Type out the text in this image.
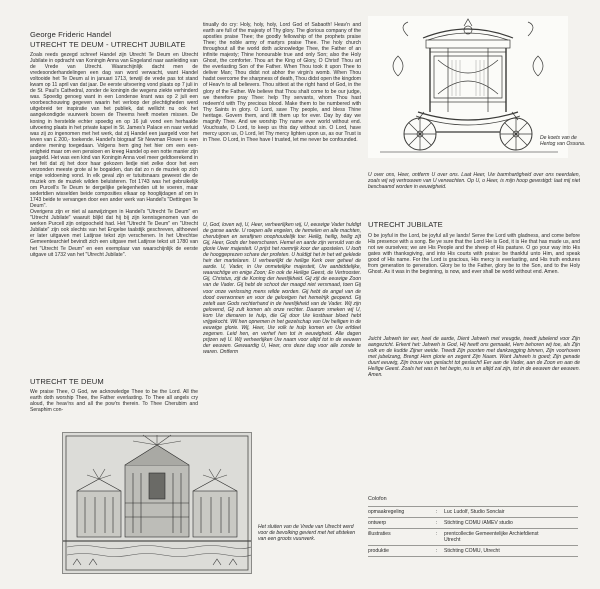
George Frideric Handel
UTRECHT TE DEUM - UTRECHT JUBILATE

Zoals reeds gezegd schreef Handel zijn Utrecht Te Deum en Utrecht Jubilate in opdracht van Koningin Anna van Engeland naar aanleiding van de Vrede van Utrecht. Waarschijnlijk dacht men de vredesonderhandelingen een dag van word verwacht, want Handel voltooide het Te Deum al in januari 1713, terwijl de vrede pas tot stand kwam op 11 april van dat jaar. De eerste uitvoering vond plaats op 7 juli in de St. Paul's Cathedral, zonder de koningin die wegens ziekte verhinderd was. Spoedig genoeg want in een Londense krant was op 2 juli een voorbeschouwing gegeven waarin het verloop der plechtigheden werd uitgebreid ter inspiratie van het publiek, dat wellicht nu ook het aangekondigde vuurwerk boven de Theems heeft moeten missen. De koning in herstelde echter spoedig en op 16 juli vond een herhaalde uitvoering plaats in het private kapel in St. James's Palace en naar verluid was zij zo ingenomen met het werk, dat zij Handel een jaargeld voor het leven van £ 200,- toekende. Handel's biograaf Sir Newman Flower is een andere mening toegedaan. Volgens hem ging het hier om een een-enigheid maar om een pensioen en kreeg Handel op een notte manier zijn jaargeld. Het was een kind van Koningin Anna voel meer geldtoerekend in het feit dat zij het door haar gekozen liedje niet zelke door het een verzonden meeste grote al te bogaiden, dan dat zo n de muziek op zich enige voldoening vond. In elk geval zijn er tutuitsnaars geweest die de muziek om de muziek wilden beluisteren. Tot 1743 was het gebruikelijk om Purcell's Te Deum te dergelijke gelegenheden uit te voeren, maar sedertdien wisselden beide composities elkaar op hooglijdagen af om in 1743 beide te vervangen door een ander werk van Handel's "Dettingen Te Deum".

Overigens zijn er niet al aanwijzingen in Handel's "Utrecht Te Deum" en "Utrecht Jubilate" waaruit blijkt dat hij bij zijn kennisgenomen van de werken Purcell zijn ontgoocheld had. Het "Utrecht Te Deum" en "Utrecht Jubilate" zijn ook slechts van het Engelse taalstijk geschreven, althoewel er later uitgaven met Latijnse tekst zijn verschenen. In het Utrechtse Gemeentearchief bevindt zich een uitgave met Latijnse tekst uit 1780 van het "Utrecht Te Deum" en een exemplaar van waarschijnlijk de eerste uitgave uit 1732 van het "Utrecht Jubilate".

UTRECHT TE DEUM

We praise Thee, O God, we acknowledge Thee to be the Lord. All the earth doth worship Thee, the Father everlasting. To Thee all angels cry aloud, the heav'ns and all the pow'rs therein. To Thee Cherubim and Seraphim con-

tinually do cry: Holy, holy, holy, Lord God of Sabaoth! Heav'n and earth are full of the majesty of Thy glory. The glorious company of the apostles praise Thee; the goodly fellowship of the prophets praise Thee; the noble army of martyrs praise Thee. The holy church throughout all the world doth acknowledge Thee, the Father of an infinite majesty; Thine honourable true and only Son; also the Holy Ghost, the comforter. Thou art the King of Glory, O Christ! Thou art the everlasting Son of the Father. When Thou took it upon Thee to deliver Man; Thou didst not abhor the virgin's womb. When Thou hadst overcome the sharpness of death, Thou didst open the kingdom of Heav'n to all believers. Thou sittest at the right hand of God, in the glory of the Father. We believe that Thou shalt come to be our judge, we therefore pray Thee: help Thy servants, whom Thou hast redeem'd with Thy precious blood. Make them to be numbered with Thy Saints in glory. O Lord, save Thy people, and bless Thine heritage. Govern them, and lift them up for ever. Day by day we magnify Thee. And we worship Thy name ever world without end. Vouchsafe, O Lord, to keep us this day without sin. O Lord, have mercy upon us, O Lord, let Thy mercy lighten upon us, as our Trust is in Thee. O Lord, in Thee have I trusted, let me never be confounded.

U, God, loven wij, U, Heer, verheerlijken wij, U, eeuwige Vader huldigt de ganse aarde. U roepen alle engelen, de hemelen en alle machten, cherubijnen en serafijnen onophoudelijk toe: Heilig, heilig, heilig zijt Gij, Heer, Gods der heerscharen. Hemel en aarde zijn vervuld van de glorie Uwer majesteit. U prijst het roemrijk koor der apostelen. U looft de hooggeprezen schare der profeten. U huldigt het in het wit geklede heir der martelaren. U verheerlijkt de heilige Kerk over geheel de aarde. U, Vader, in Uw onmetelijke majesteit, Uw aanbiddelijke, waarachtige en enige Zoon; En ook de Heilige Geest, de Vertrooster. Gij, Christus, zijt de Koning der heerlijkheid. Gij zijt de eeuwige Zoon van de Vader. Gij hebt de schoot der maagd niet versmaad, toen Gij voor onze verlossing mens wilde worden. Gij hebt de angel van de dood overwonnen en voor de gelovigen het hemelrijk geopend. Gij zetelt aan Gods rechterhand in de heerlijkheid van de Vader. Wij zijn gelovend, Gij zult komen als onze rechter. Daarom smeken wij U, kom Uw dienaren te hulp, die Gij door Uw kostbaar bloed hebt vrijgekocht. Wil hen opnemen in het gezelschap van Uw heiligen in de eeuwige glorie. Wij, Heer, Uw volk te hulp komen en Uw erfdeel zegenen. Leid hen, en verhef hen tot in eeuwigheid. Alle dagen prijzen wij U. Wij verheerlijken Uw naam voor altijd tot in de eeuwen der eeuwen. Gewaardig U, Heer, ons deze dag voor alle zonde te waren. Ontferm

De koets van de Hertog van Ossuna.

U over ons, Heer, ontferm U over ons. Laat Heer, Uw barmhartigheid over ons neerdalen, zoals wij wij vertrouwen van U verwachten. Op U, o Heer, is mijn hoop gevestigd: laat mij niet beschaamd worden in eeuwigheid.

UTRECHT JUBILATE

O be joyful in the Lord, be joyful all ye lands! Serve the Lord with gladness, and come before His presence with a song. Be ye sure that the Lord He is God, it is He that has made us, and not we ourselves; we are His People and the sheep of His pasture. O go your way into His gates with thanksgiving, and into His courts with praise: be thankful unto Him, and speak good of His name. For the Lord is gracious, His mercy is everlasting, and His truth endures from generation to generation. Glory be to the Father, glory be to the Son, and to the Holy Ghost. As it was in the beginning, is now, and ever shall be world without end. Amen.

Juicht Jahweh ter eer, heel de aarde, Dient Jahweh met vreugde, treedt jubelend voor Zijn aangezicht. Erkent het: Jahweh is God, Hij heeft ons gemaakt, Hem behoren wij toe, als Zijn volk en de kudde Zijner weide. Treedt Zijn poorten met dankzegging binnen, Zijn voorhoven met jubelzang, Brengt Hem glorie en zegent Zijn Naam. Want Jahweh is goed; Zijn genade duurt eeuwig, Zijn trouw van geslacht tot geslacht! Eer aan de Vader, aan de Zoon en aan de Heilige Geest. Zoals het was in het begin, nu is en altijd zal zijn, tot in de eeuwen der eeuwen. Amen.

Het sluiten van de Vrede van Utrecht werd voor de bevolking gevierd met het afsteken van een groots vuurwerk.
Colofon
opmaakregeling	: Luc Ludolf, Studio Sonclair
ontwerp	: Stichting COMU /AMEV studio
illustraties	: prentcollectie Gemeentelijke Archiefdienst Utrecht
produktie	: Stichting COMU, Utrecht
